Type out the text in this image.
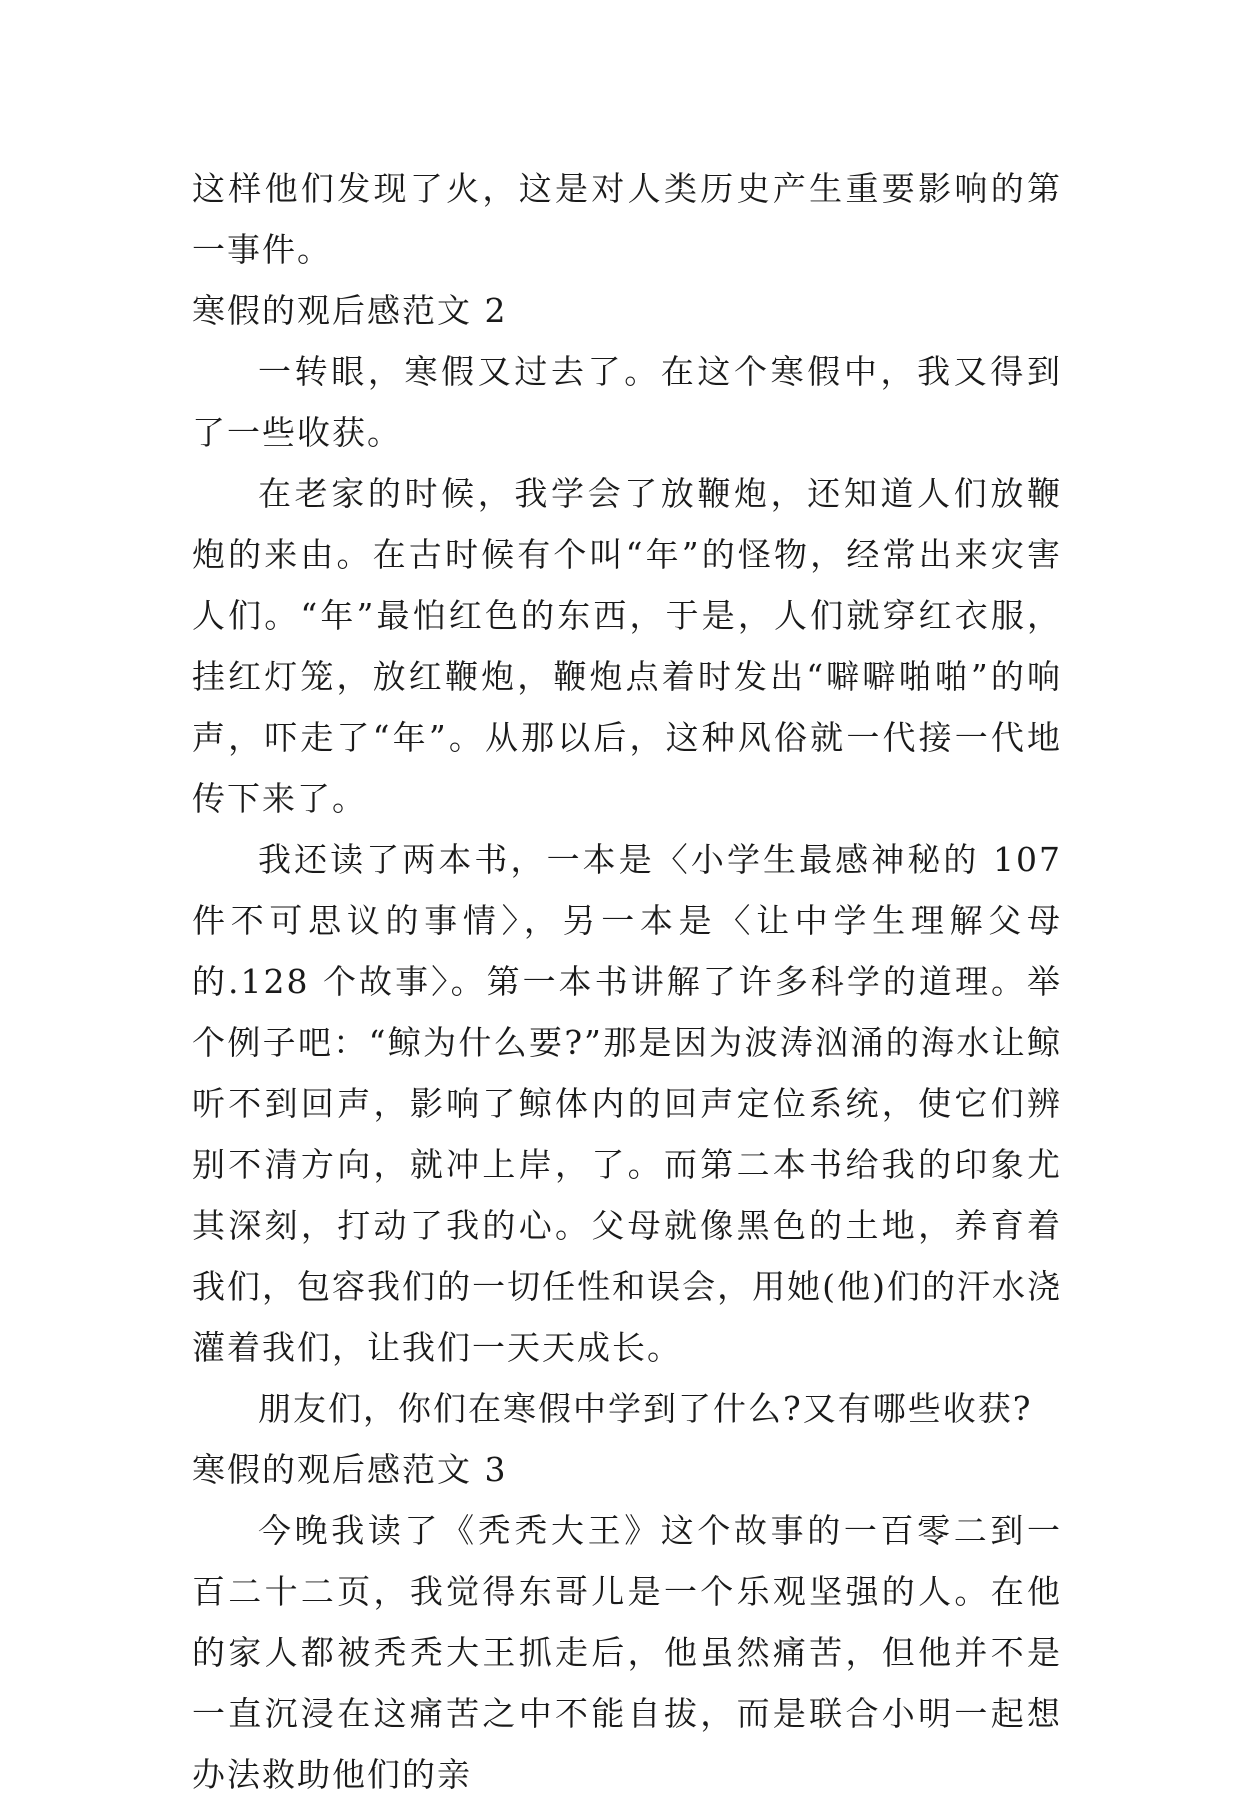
这样他们发现了火，这是对人类历史产生重要影响的第一事件。

寒假的观后感范文 2

一转眼，寒假又过去了。在这个寒假中，我又得到了一些收获。

在老家的时候，我学会了放鞭炮，还知道人们放鞭炮的来由。在古时候有个叫“年”的怪物，经常出来灾害人们。“年”最怕红色的东西，于是，人们就穿红衣服，挂红灯笼，放红鞭炮，鞭炮点着时发出“噼噼啪啪”的响声，吓走了“年”。从那以后，这种风俗就一代接一代地传下来了。

我还读了两本书，一本是〈小学生最感神秘的 107 件不可思议的事情〉，另一本是〈让中学生理解父母的.128 个故事〉。第一本书讲解了许多科学的道理。举个例子吧：“鲸为什么要?”那是因为波涛汹涌的海水让鲸听不到回声，影响了鲸体内的回声定位系统，使它们辨别不清方向，就冲上岸，了。而第二本书给我的印象尤其深刻，打动了我的心。父母就像黑色的土地，养育着我们，包容我们的一切任性和误会，用她(他)们的汗水浇灌着我们，让我们一天天成长。

朋友们，你们在寒假中学到了什么?又有哪些收获?

寒假的观后感范文 3

今晚我读了《秃秃大王》这个故事的一百零二到一百二十二页，我觉得东哥儿是一个乐观坚强的人。在他的家人都被秃秃大王抓走后，他虽然痛苦，但他并不是一直沉浸在这痛苦之中不能自拔，而是联合小明一起想办法救助他们的亲
